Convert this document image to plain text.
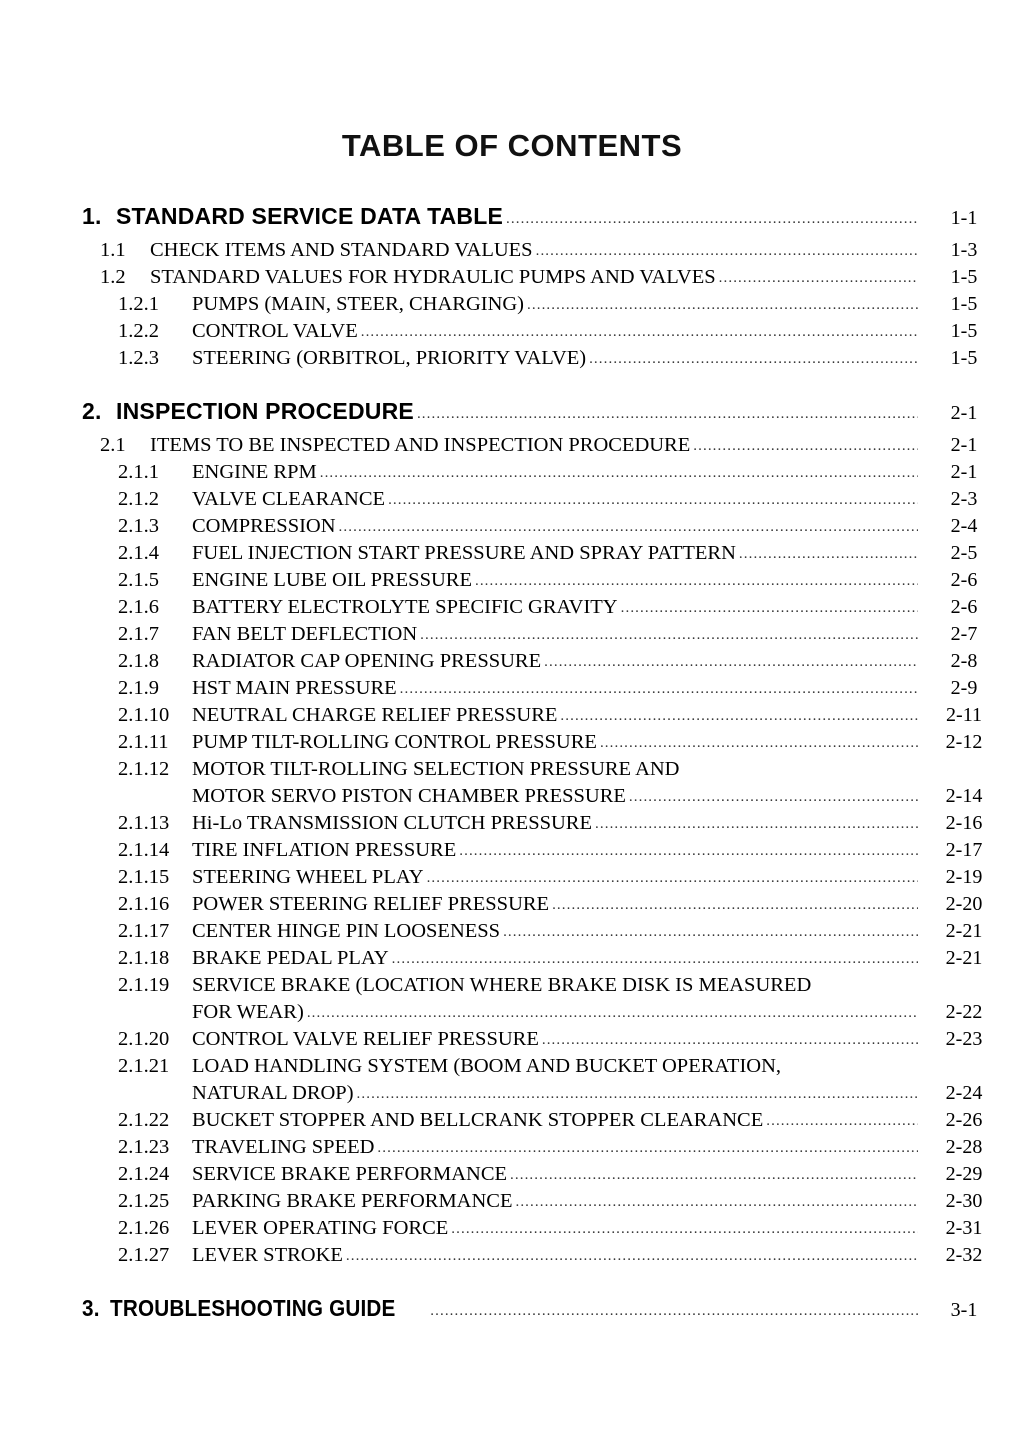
TABLE OF CONTENTS
1. STANDARD SERVICE DATA TABLE .....	1-1
1.1	CHECK ITEMS AND STANDARD VALUES .....	1-3
1.2	STANDARD VALUES FOR HYDRAULIC PUMPS AND VALVES .....	1-5
1.2.1	PUMPS (MAIN, STEER, CHARGING) .....	1-5
1.2.2	CONTROL VALVE .....	1-5
1.2.3	STEERING (ORBITROL, PRIORITY VALVE) .....	1-5
2. INSPECTION PROCEDURE .....	2-1
2.1	ITEMS TO BE INSPECTED AND INSPECTION PROCEDURE .....	2-1
2.1.1	ENGINE RPM .....	2-1
2.1.2	VALVE CLEARANCE .....	2-3
2.1.3	COMPRESSION .....	2-4
2.1.4	FUEL INJECTION START PRESSURE AND SPRAY PATTERN .....	2-5
2.1.5	ENGINE LUBE OIL PRESSURE .....	2-6
2.1.6	BATTERY ELECTROLYTE SPECIFIC GRAVITY .....	2-6
2.1.7	FAN BELT DEFLECTION .....	2-7
2.1.8	RADIATOR CAP OPENING PRESSURE .....	2-8
2.1.9	HST MAIN PRESSURE .....	2-9
2.1.10	NEUTRAL CHARGE RELIEF PRESSURE .....	2-11
2.1.11	PUMP TILT-ROLLING CONTROL PRESSURE .....	2-12
2.1.12	MOTOR TILT-ROLLING SELECTION PRESSURE AND
MOTOR SERVO PISTON CHAMBER PRESSURE .....	2-14
2.1.13	Hi-Lo TRANSMISSION CLUTCH PRESSURE .....	2-16
2.1.14	TIRE INFLATION PRESSURE .....	2-17
2.1.15	STEERING WHEEL PLAY .....	2-19
2.1.16	POWER STEERING RELIEF PRESSURE .....	2-20
2.1.17	CENTER HINGE PIN LOOSENESS .....	2-21
2.1.18	BRAKE PEDAL PLAY .....	2-21
2.1.19	SERVICE BRAKE (LOCATION WHERE BRAKE DISK IS MEASURED
FOR WEAR) .....	2-22
2.1.20	CONTROL VALVE RELIEF PRESSURE .....	2-23
2.1.21	LOAD HANDLING SYSTEM (BOOM AND BUCKET OPERATION,
NATURAL DROP) .....	2-24
2.1.22	BUCKET STOPPER AND BELLCRANK STOPPER CLEARANCE .....	2-26
2.1.23	TRAVELING SPEED .....	2-28
2.1.24	SERVICE BRAKE PERFORMANCE .....	2-29
2.1.25	PARKING BRAKE PERFORMANCE .....	2-30
2.1.26	LEVER OPERATING FORCE .....	2-31
2.1.27	LEVER STROKE .....	2-32
3. TROUBLESHOOTING GUIDE .....	3-1
